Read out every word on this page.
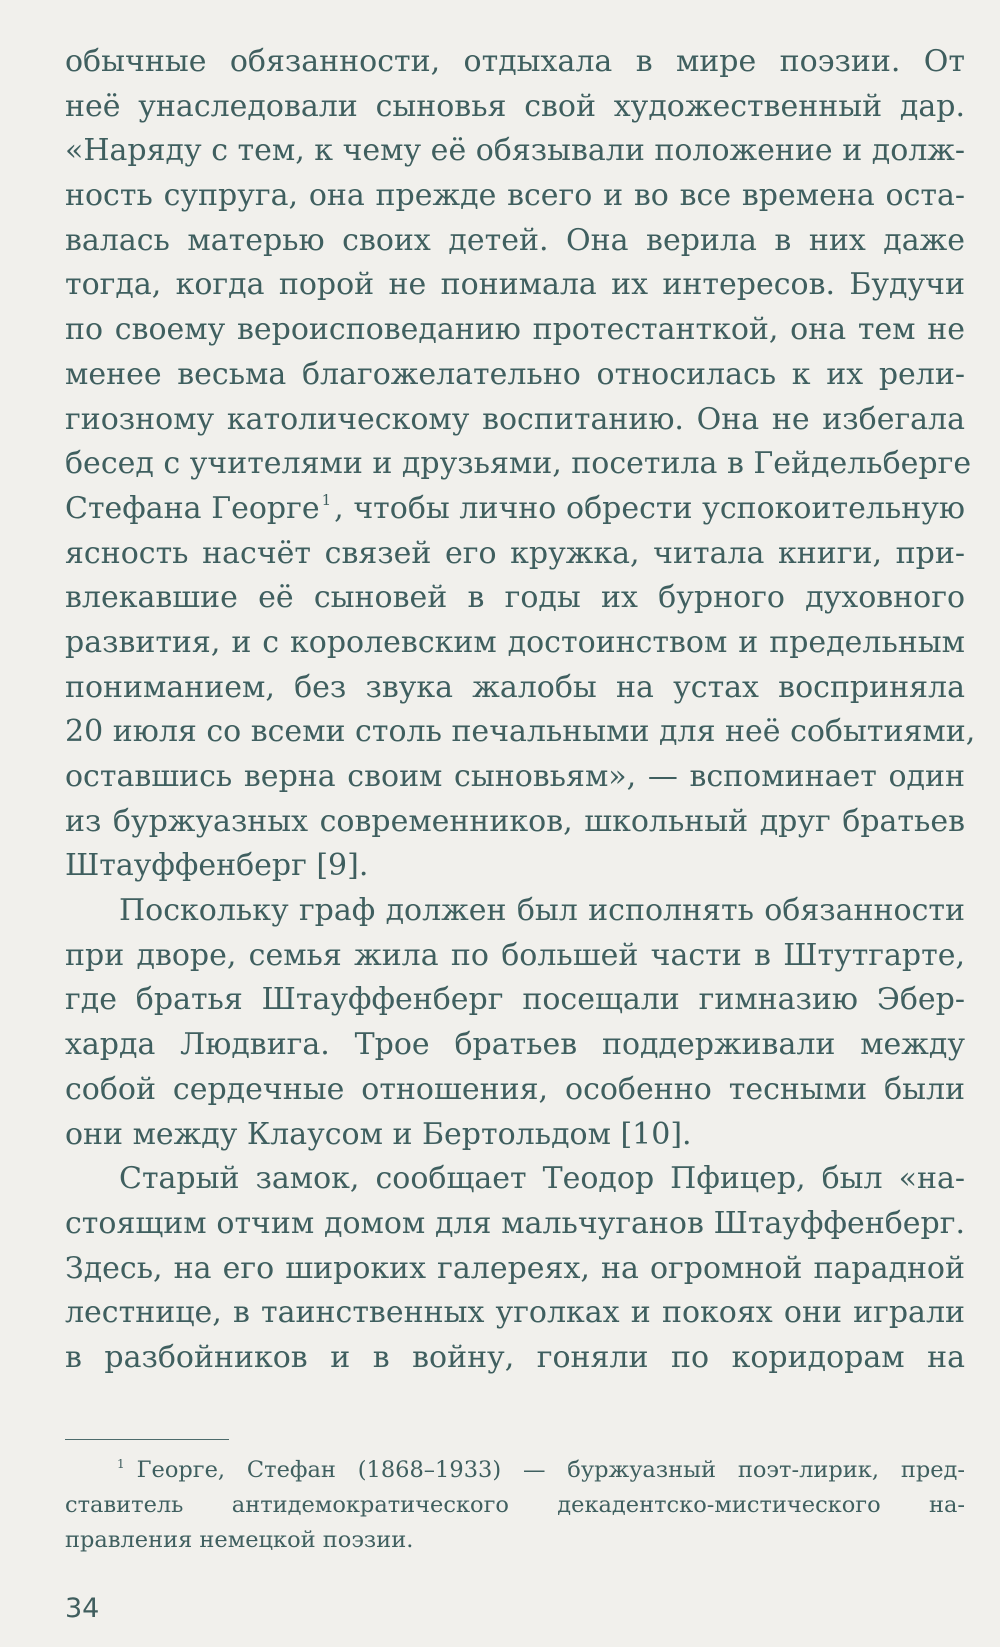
обычные обязанности, отдыхала в мире поэзии. От
неё унаследовали сыновья свой художественный дар.
«Наряду с тем, к чему её обязывали положение и долж-
ность супруга, она прежде всего и во все времена оста-
валась матерью своих детей. Она верила в них даже
тогда, когда порой не понимала их интересов. Будучи
по своему вероисповеданию протестанткой, она тем не
менее весьма благожелательно относилась к их рели-
гиозному католическому воспитанию. Она не избегала
бесед с учителями и друзьями, посетила в Гейдельберге
Стефана Георге $^1$ , чтобы лично обрести успокоительную
ясность насчёт связей его кружка, читала книги, при-
влекавшие её сыновей в годы их бурного духовного
развития, и с королевским достоинством и предельным
пониманием, без звука жалобы на устах восприняла
20 июля со всеми столь печальными для неё событиями,
оставшись верна своим сыновьям», — вспоминает один
из буржуазных современников, школьный друг братьев
Штауффенберг [9].
Поскольку граф должен был исполнять обязанности
при дворе, семья жила по большей части в Штутгарте,
где братья Штауффенберг посещали гимназию Эбер-
харда Людвига. Трое братьев поддерживали между
собой сердечные отношения, особенно тесными были
они между Клаусом и Бертольдом [10].
Старый замок, сообщает Теодор Пфицер, был «на-
стоящим отчим домом для мальчуганов Штауффенберг.
Здесь, на его широких галереях, на огромной парадной
лестнице, в таинственных уголках и покоях они играли
в разбойников и в войну, гоняли по коридорам на
$^1$ Георге, Стефан (1868–1933) — буржуазный поэт-лирик, пред-
ставитель антидемократического декадентско-мистического на-
правления немецкой поэзии.
34
